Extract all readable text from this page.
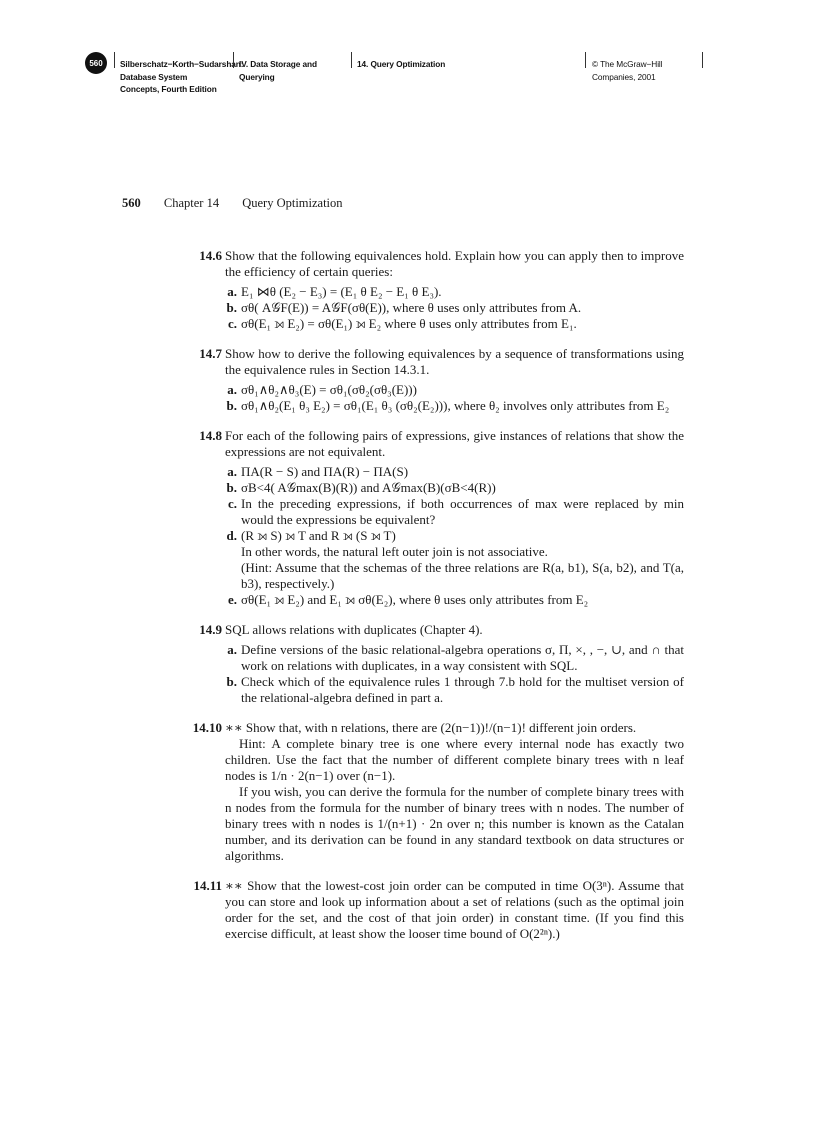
560	Silberschatz−Korth−Sudarshan:
Database System
Concepts, Fourth Edition
IV. Data Storage and
Querying
14. Query Optimization	© The McGraw−Hill
Companies, 2001
560 Chapter 14 Query Optimization
14.6 Show that the following equivalences hold. Explain how you can apply then to improve the efficiency of certain queries:

a. E₁ ⋈θ (E₂ − E₃) = (E₁ θ E₂ − E₁ θ E₃).
b. σθ( A𝒢F(E)) = A𝒢F(σθ(E)), where θ uses only attributes from A.
c. σθ(E₁ ⟕ E₂) = σθ(E₁) ⟕ E₂ where θ uses only attributes from E₁.
14.7 Show how to derive the following equivalences by a sequence of transformations using the equivalence rules in Section 14.3.1.

a. σθ₁∧θ₂∧θ₃(E) = σθ₁(σθ₂(σθ₃(E)))
b. σθ₁∧θ₂(E₁ θ₃ E₂) = σθ₁(E₁ θ₃ (σθ₂(E₂))), where θ₂ involves only attributes from E₂
14.8 For each of the following pairs of expressions, give instances of relations that show the expressions are not equivalent.

a. ΠA(R − S) and ΠA(R) − ΠA(S)
b. σB<4( A𝒢max(B)(R)) and A𝒢max(B)(σB<4(R))
c. In the preceding expressions, if both occurrences of max were replaced by min would the expressions be equivalent?
d. (R ⟕ S) ⟕ T and R ⟕ (S ⟕ T)
In other words, the natural left outer join is not associative.
(Hint: Assume that the schemas of the three relations are R(a, b1), S(a, b2), and T(a, b3), respectively.)
e. σθ(E₁ ⟕ E₂) and E₁ ⟕ σθ(E₂), where θ uses only attributes from E₂
14.9 SQL allows relations with duplicates (Chapter 4).

a. Define versions of the basic relational-algebra operations σ, Π, ×, , −, ∪, and ∩ that work on relations with duplicates, in a way consistent with SQL.
b. Check which of the equivalence rules 1 through 7.b hold for the multiset version of the relational-algebra defined in part a.
14.10 ∗∗ Show that, with n relations, there are (2(n−1))!/(n−1)! different join orders.

Hint: A complete binary tree is one where every internal node has exactly two children. Use the fact that the number of different complete binary trees with n leaf nodes is 1/n · 2(n−1) over (n−1).

If you wish, you can derive the formula for the number of complete binary trees with n nodes from the formula for the number of binary trees with n nodes. The number of binary trees with n nodes is 1/(n+1) · 2n over n; this number is known as the Catalan number, and its derivation can be found in any standard textbook on data structures or algorithms.

14.11 ∗∗ Show that the lowest-cost join order can be computed in time O(3ⁿ). Assume that you can store and look up information about a set of relations (such as the optimal join order for the set, and the cost of that join order) in constant time. (If you find this exercise difficult, at least show the looser time bound of O(2²ⁿ).)
